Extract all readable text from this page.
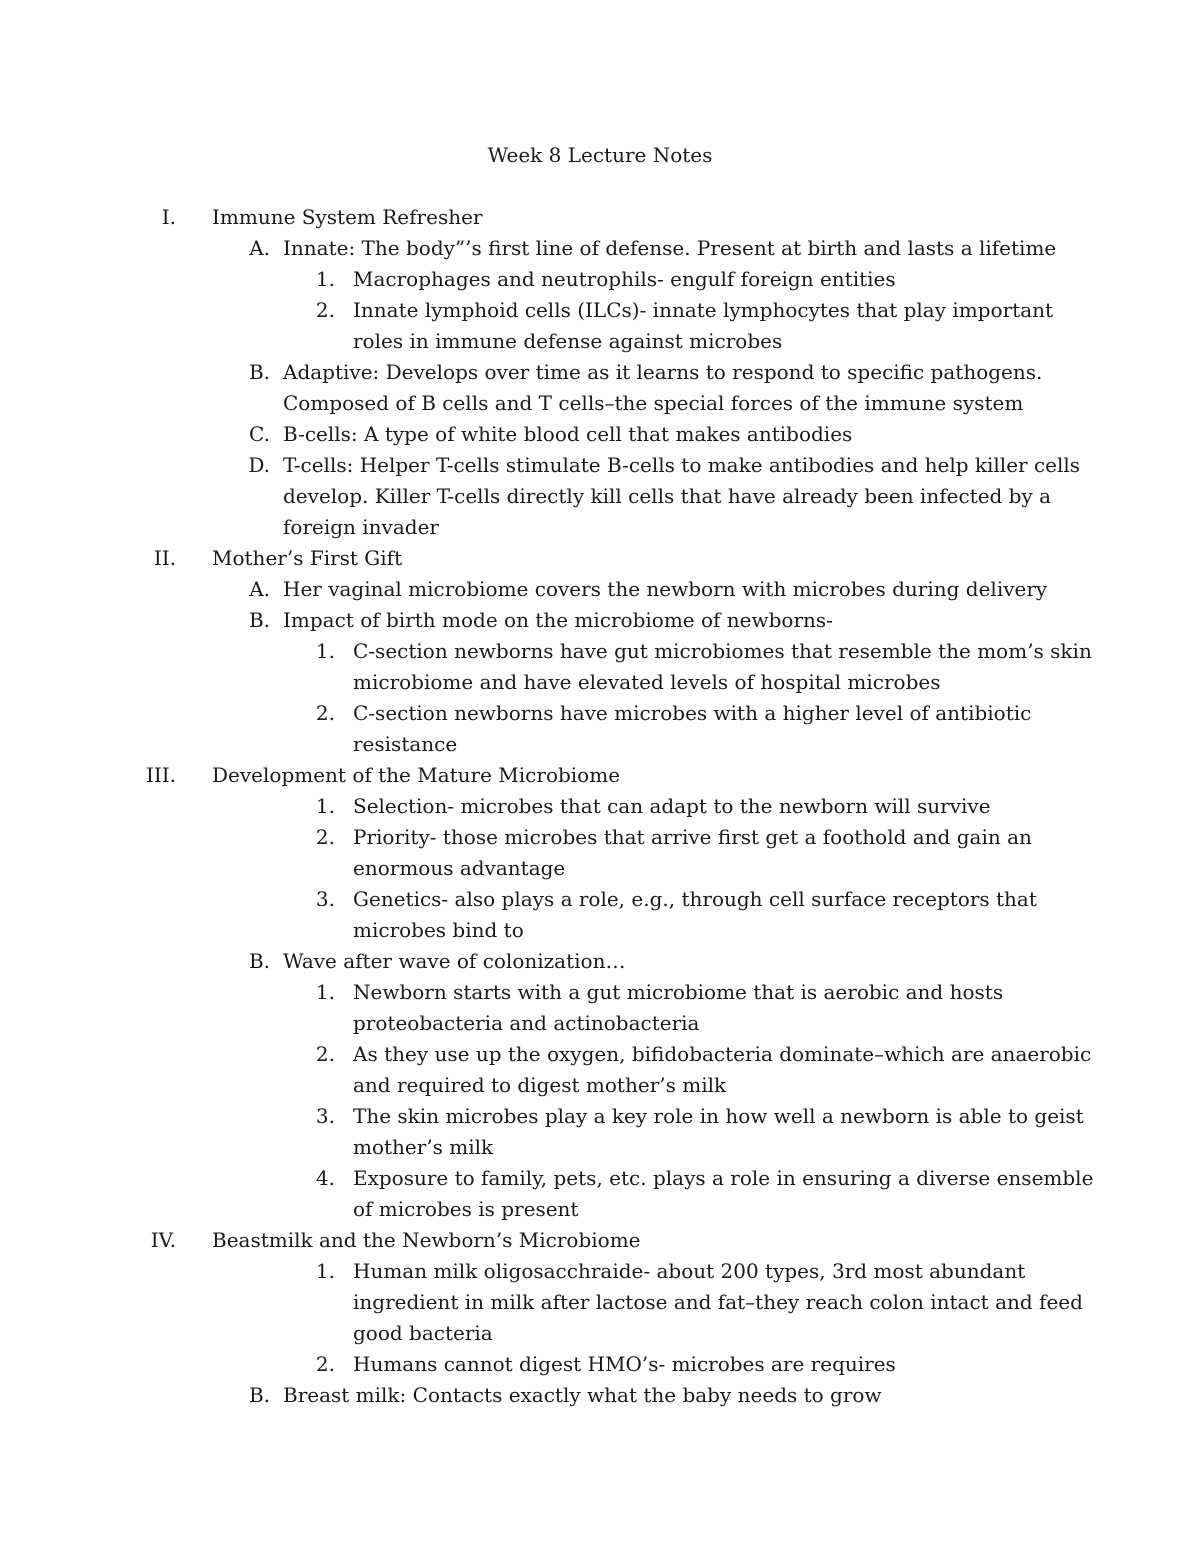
Week 8 Lecture Notes
I. Immune System Refresher
A. Innate: The body”’s first line of defense. Present at birth and lasts a lifetime
1. Macrophages and neutrophils- engulf foreign entities
2. Innate lymphoid cells (ILCs)- innate lymphocytes that play important
roles in immune defense against microbes
B. Adaptive: Develops over time as it learns to respond to specific pathogens.
Composed of B cells and T cells–the special forces of the immune system
C. B-cells: A type of white blood cell that makes antibodies
D. T-cells: Helper T-cells stimulate B-cells to make antibodies and help killer cells
develop. Killer T-cells directly kill cells that have already been infected by a
foreign invader
II. Mother’s First Gift
A. Her vaginal microbiome covers the newborn with microbes during delivery
B. Impact of birth mode on the microbiome of newborns-
1. C-section newborns have gut microbiomes that resemble the mom’s skin
microbiome and have elevated levels of hospital microbes
2. C-section newborns have microbes with a higher level of antibiotic
resistance
III. Development of the Mature Microbiome
1. Selection- microbes that can adapt to the newborn will survive
2. Priority- those microbes that arrive first get a foothold and gain an
enormous advantage
3. Genetics- also plays a role, e.g., through cell surface receptors that
microbes bind to
B. Wave after wave of colonization…
1. Newborn starts with a gut microbiome that is aerobic and hosts
proteobacteria and actinobacteria
2. As they use up the oxygen, bifidobacteria dominate–which are anaerobic
and required to digest mother’s milk
3. The skin microbes play a key role in how well a newborn is able to geist
mother’s milk
4. Exposure to family, pets, etc. plays a role in ensuring a diverse ensemble
of microbes is present
IV. Beastmilk and the Newborn’s Microbiome
1. Human milk oligosacchraide- about 200 types, 3rd most abundant
ingredient in milk after lactose and fat–they reach colon intact and feed
good bacteria
2. Humans cannot digest HMO’s- microbes are requires
B. Breast milk: Contacts exactly what the baby needs to grow
